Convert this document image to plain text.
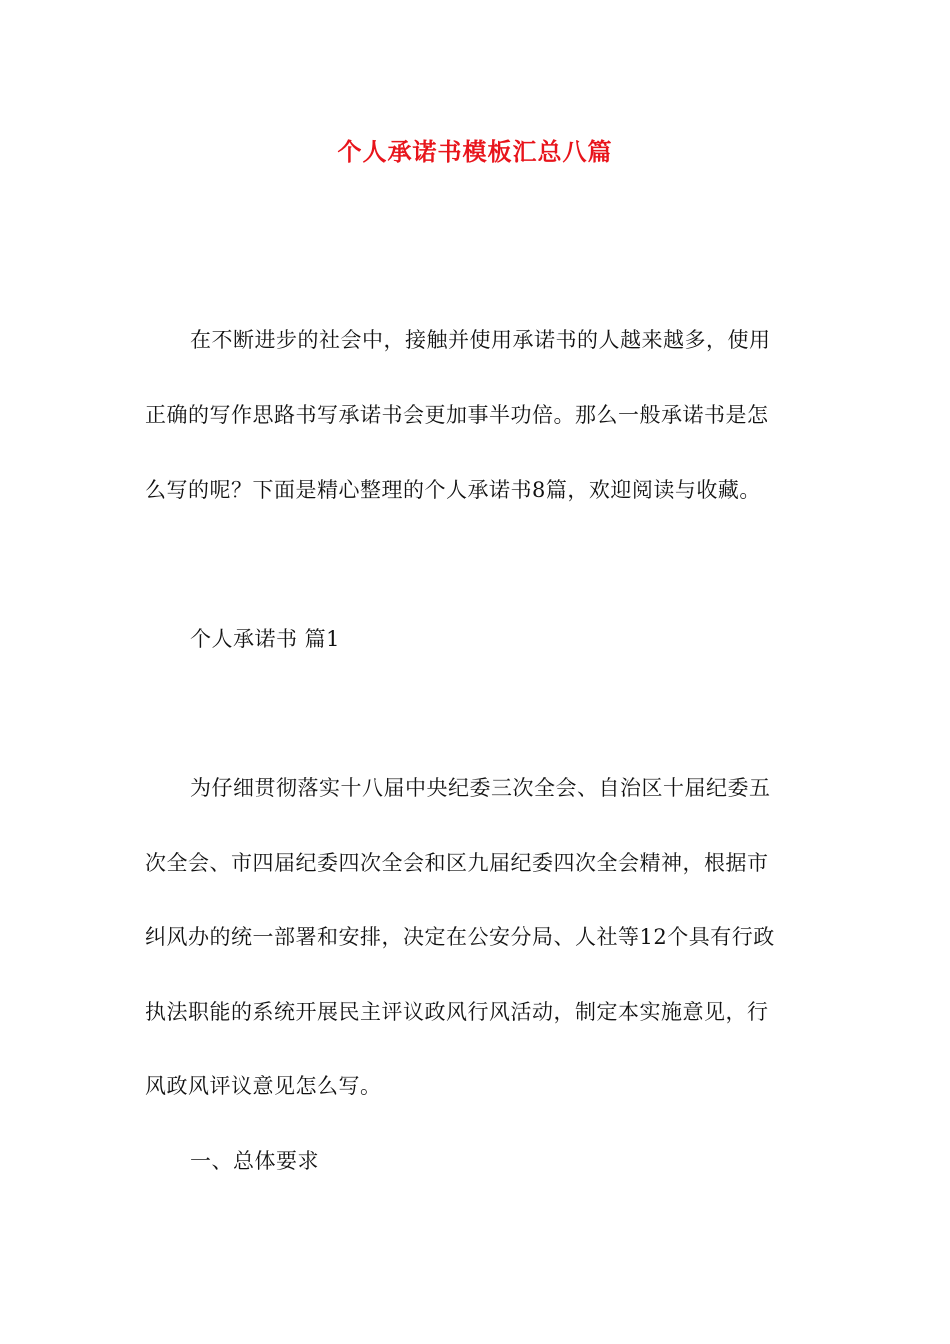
个人承诺书模板汇总八篇
在不断进步的社会中，接触并使用承诺书的人越来越多，使用
正确的写作思路书写承诺书会更加事半功倍。那么一般承诺书是怎
么写的呢？下面是精心整理的个人承诺书8篇，欢迎阅读与收藏。
个人承诺书 篇1
为仔细贯彻落实十八届中央纪委三次全会、自治区十届纪委五
次全会、市四届纪委四次全会和区九届纪委四次全会精神，根据市
纠风办的统一部署和安排，决定在公安分局、人社等12个具有行政
执法职能的系统开展民主评议政风行风活动，制定本实施意见，行
风政风评议意见怎么写。
一、总体要求
